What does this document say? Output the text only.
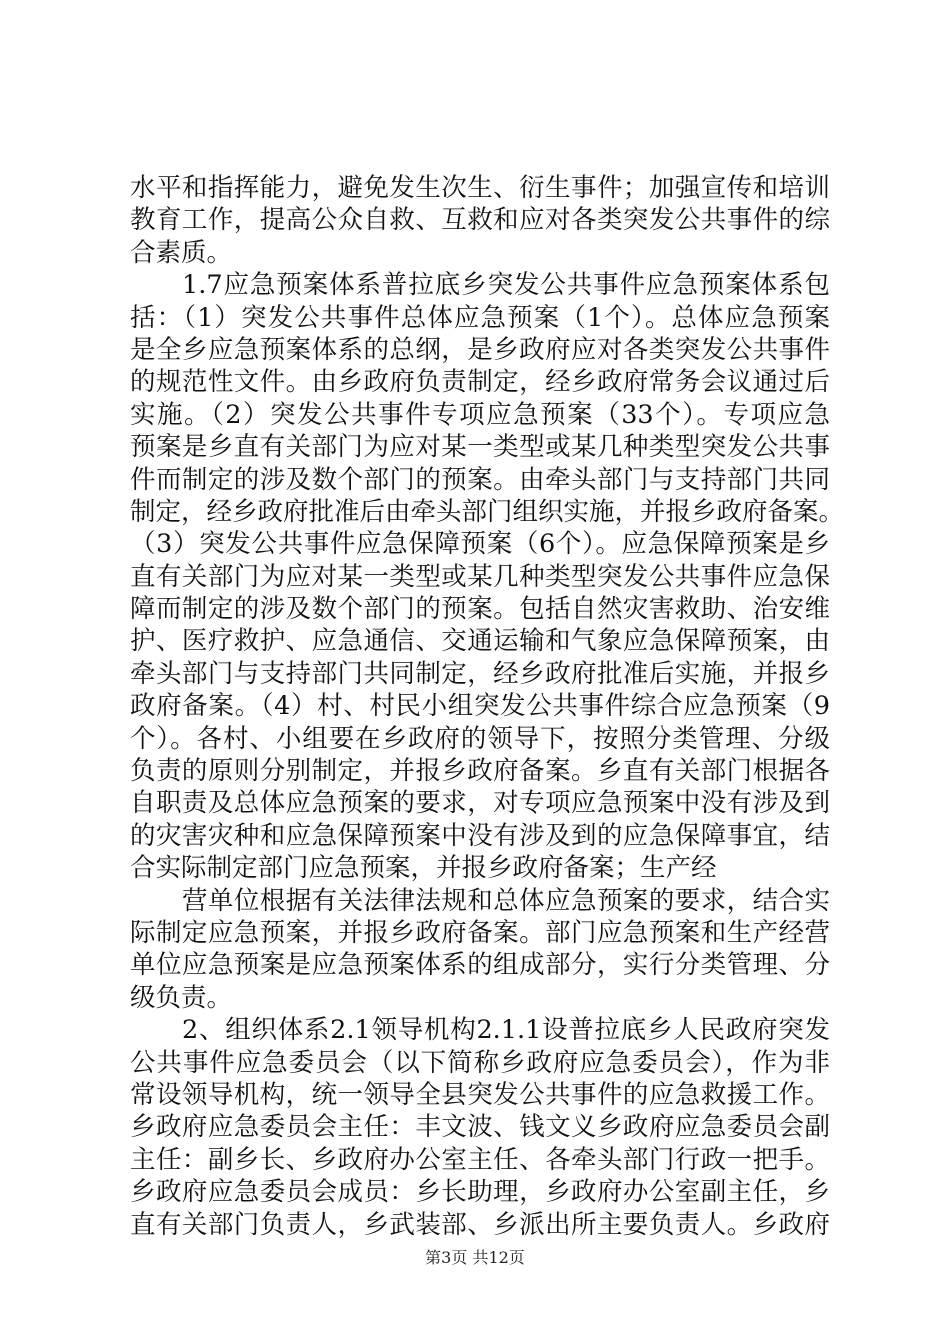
水平和指挥能力，避免发生次生、衍生事件；加强宣传和培训
教育工作，提高公众自救、互救和应对各类突发公共事件的综
合素质。
1.7应急预案体系普拉底乡突发公共事件应急预案体系包
括：（1）突发公共事件总体应急预案（1个）。总体应急预案
是全乡应急预案体系的总纲，是乡政府应对各类突发公共事件
的规范性文件。由乡政府负责制定，经乡政府常务会议通过后
实施。（2）突发公共事件专项应急预案（33个）。专项应急
预案是乡直有关部门为应对某一类型或某几种类型突发公共事
件而制定的涉及数个部门的预案。由牵头部门与支持部门共同
制定，经乡政府批准后由牵头部门组织实施，并报乡政府备案。
（3）突发公共事件应急保障预案（6个）。应急保障预案是乡
直有关部门为应对某一类型或某几种类型突发公共事件应急保
障而制定的涉及数个部门的预案。包括自然灾害救助、治安维
护、医疗救护、应急通信、交通运输和气象应急保障预案，由
牵头部门与支持部门共同制定，经乡政府批准后实施，并报乡
政府备案。（4）村、村民小组突发公共事件综合应急预案（9
个）。各村、小组要在乡政府的领导下，按照分类管理、分级
负责的原则分别制定，并报乡政府备案。乡直有关部门根据各
自职责及总体应急预案的要求，对专项应急预案中没有涉及到
的灾害灾种和应急保障预案中没有涉及到的应急保障事宜，结
合实际制定部门应急预案，并报乡政府备案；生产经
营单位根据有关法律法规和总体应急预案的要求，结合实
际制定应急预案，并报乡政府备案。部门应急预案和生产经营
单位应急预案是应急预案体系的组成部分，实行分类管理、分
级负责。
2、组织体系2.1领导机构2.1.1设普拉底乡人民政府突发
公共事件应急委员会（以下简称乡政府应急委员会），作为非
常设领导机构，统一领导全县突发公共事件的应急救援工作。
乡政府应急委员会主任：丰文波、钱文义乡政府应急委员会副
主任：副乡长、乡政府办公室主任、各牵头部门行政一把手。
乡政府应急委员会成员：乡长助理，乡政府办公室副主任，乡
直有关部门负责人，乡武装部、乡派出所主要负责人。乡政府
第3页 共12页
